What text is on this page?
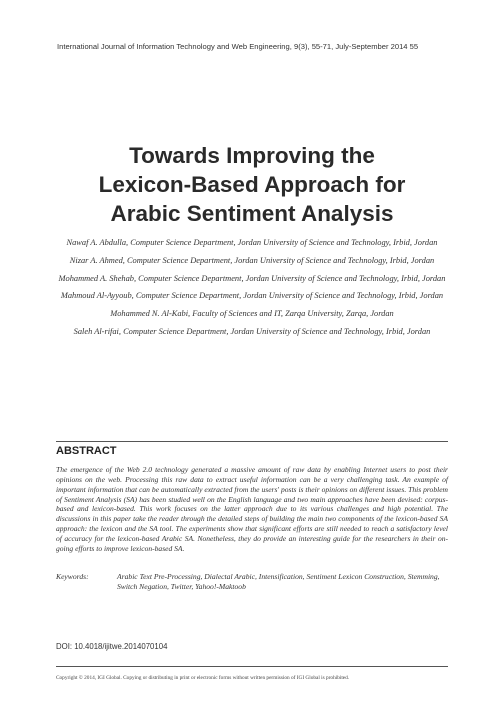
International Journal of Information Technology and Web Engineering, 9(3), 55-71, July-September 2014 55
Towards Improving the
Lexicon-Based Approach for
Arabic Sentiment Analysis
Nawaf A. Abdulla, Computer Science Department, Jordan University of Science and Technology, Irbid, Jordan
Nizar A. Ahmed, Computer Science Department, Jordan University of Science and Technology, Irbid, Jordan
Mohammed A. Shehab, Computer Science Department, Jordan University of Science and Technology, Irbid, Jordan
Mahmoud Al-Ayyoub, Computer Science Department, Jordan University of Science and Technology, Irbid, Jordan
Mohammed N. Al-Kabi, Faculty of Sciences and IT, Zarqa University, Zarqa, Jordan
Saleh Al-rifai, Computer Science Department, Jordan University of Science and Technology, Irbid, Jordan
ABSTRACT
The emergence of the Web 2.0 technology generated a massive amount of raw data by enabling Internet users to post their opinions on the web. Processing this raw data to extract useful information can be a very challenging task. An example of important information that can be automatically extracted from the users' posts is their opinions on different issues. This problem of Sentiment Analysis (SA) has been studied well on the English language and two main approaches have been devised: corpus-based and lexicon-based. This work focuses on the latter approach due to its various challenges and high potential. The discussions in this paper take the reader through the detailed steps of building the main two components of the lexicon-based SA approach: the lexicon and the SA tool. The experiments show that significant efforts are still needed to reach a satisfactory level of accuracy for the lexicon-based Arabic SA. Nonetheless, they do provide an interesting guide for the researchers in their on-going efforts to improve lexicon-based SA.
Keywords:	Arabic Text Pre-Processing, Dialectal Arabic, Intensification, Sentiment Lexicon Construction, Stemming, Switch Negation, Twitter, Yahoo!-Maktoob
DOI: 10.4018/ijitwe.2014070104
Copyright © 2014, IGI Global. Copying or distributing in print or electronic forms without written permission of IGI Global is prohibited.
